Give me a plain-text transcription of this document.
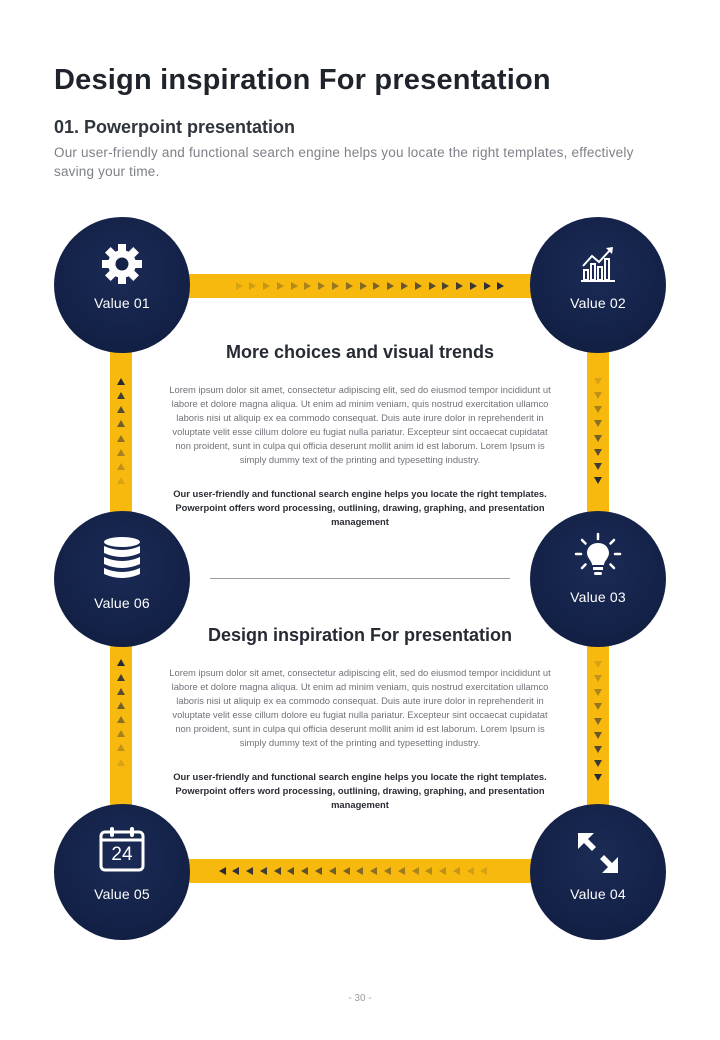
Design inspiration For presentation
01. Powerpoint presentation
Our user-friendly and functional search engine helps you locate the right templates, effectively saving your time.
Value 01	Value 02
Value 06	Value 03
24
Value 05	Value 04
More choices and visual trends

Lorem ipsum dolor sit amet, consectetur adipiscing elit, sed do eiusmod tempor incididunt ut labore et dolore magna aliqua. Ut enim ad minim veniam, quis nostrud exercitation ullamco laboris nisi ut aliquip ex ea commodo consequat. Duis aute irure dolor in reprehenderit in voluptate velit esse cillum dolore eu fugiat nulla pariatur. Excepteur sint occaecat cupidatat non proident, sunt in culpa qui officia deserunt mollit anim id est laborum. Lorem Ipsum is simply dummy text of the printing and typesetting industry.

Our user-friendly and functional search engine helps you locate the right templates. Powerpoint offers word processing, outlining, drawing, graphing, and presentation management

Design inspiration For presentation

Lorem ipsum dolor sit amet, consectetur adipiscing elit, sed do eiusmod tempor incididunt ut labore et dolore magna aliqua. Ut enim ad minim veniam, quis nostrud exercitation ullamco laboris nisi ut aliquip ex ea commodo consequat. Duis aute irure dolor in reprehenderit in voluptate velit esse cillum dolore eu fugiat nulla pariatur. Excepteur sint occaecat cupidatat non proident, sunt in culpa qui officia deserunt mollit anim id est laborum. Lorem Ipsum is simply dummy text of the printing and typesetting industry.

Our user-friendly and functional search engine helps you locate the right templates. Powerpoint offers word processing, outlining, drawing, graphing, and presentation management

- 30 -
